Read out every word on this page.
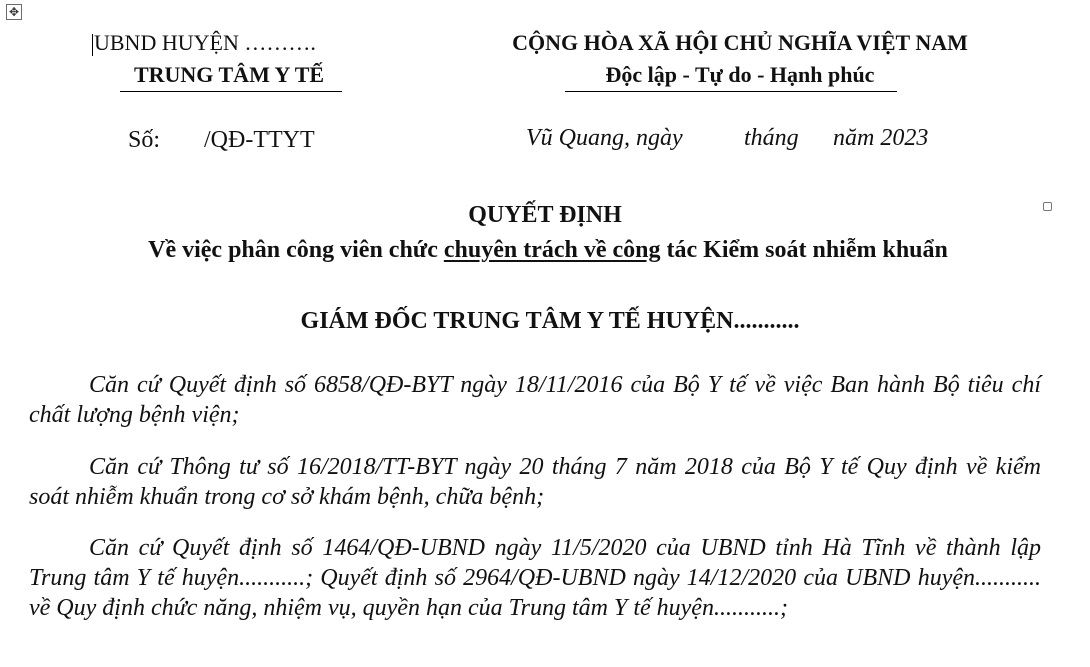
✥
UBND HUYỆN ……….
TRUNG TÂM Y TẾ
CỘNG HÒA XÃ HỘI CHỦ NGHĨA VIỆT NAM
Độc lập - Tự do - Hạnh phúc
Số: /QĐ-TTYT	Vũ Quang, ngày	tháng năm 2023
QUYẾT ĐỊNH
Về việc phân công viên chức chuyên trách về công tác Kiểm soát nhiễm khuẩn
GIÁM ĐỐC TRUNG TÂM Y TẾ HUYỆN...........
Căn cứ Quyết định số 6858/QĐ-BYT ngày 18/11/2016 của Bộ Y tế về việc Ban hành Bộ tiêu chí chất lượng bệnh viện;
Căn cứ Thông tư số 16/2018/TT-BYT ngày 20 tháng 7 năm 2018 của Bộ Y tế Quy định về kiểm soát nhiễm khuẩn trong cơ sở khám bệnh, chữa bệnh;
Căn cứ Quyết định số 1464/QĐ-UBND ngày 11/5/2020 của UBND tỉnh Hà Tĩnh về thành lập Trung tâm Y tế huyện...........; Quyết định số 2964/QĐ-UBND ngày 14/12/2020 của UBND huyện........... về Quy định chức năng, nhiệm vụ, quyền hạn của Trung tâm Y tế huyện...........;
